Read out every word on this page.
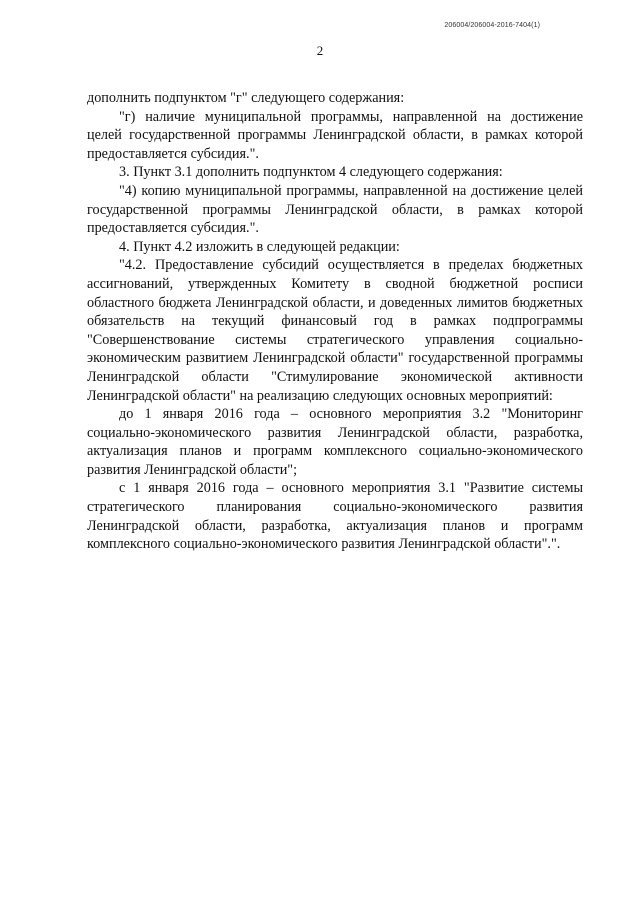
206004/206004-2016-7404(1)
2

дополнить подпунктом "г" следующего содержания:

"г) наличие муниципальной программы, направленной на достижение целей государственной программы Ленинградской области, в рамках которой предоставляется субсидия.".

3. Пункт 3.1 дополнить подпунктом 4 следующего содержания:

"4) копию муниципальной программы, направленной на достижение целей государственной программы Ленинградской области, в рамках которой предоставляется субсидия.".

4. Пункт 4.2 изложить в следующей редакции:

"4.2. Предоставление субсидий осуществляется в пределах бюджетных ассигнований, утвержденных Комитету в сводной бюджетной росписи областного бюджета Ленинградской области, и доведенных лимитов бюджетных обязательств на текущий финансовый год в рамках подпрограммы "Совершенствование системы стратегического управления социально-экономическим развитием Ленинградской области" государственной программы Ленинградской области "Стимулирование экономической активности Ленинградской области" на реализацию следующих основных мероприятий:

до 1 января 2016 года – основного мероприятия 3.2 "Мониторинг социально-экономического развития Ленинградской области, разработка, актуализация планов и программ комплексного социально-экономического развития Ленинградской области";

с 1 января 2016 года – основного мероприятия 3.1 "Развитие системы стратегического планирования социально-экономического развития Ленинградской области, разработка, актуализация планов и программ комплексного социально-экономического развития Ленинградской области".".
